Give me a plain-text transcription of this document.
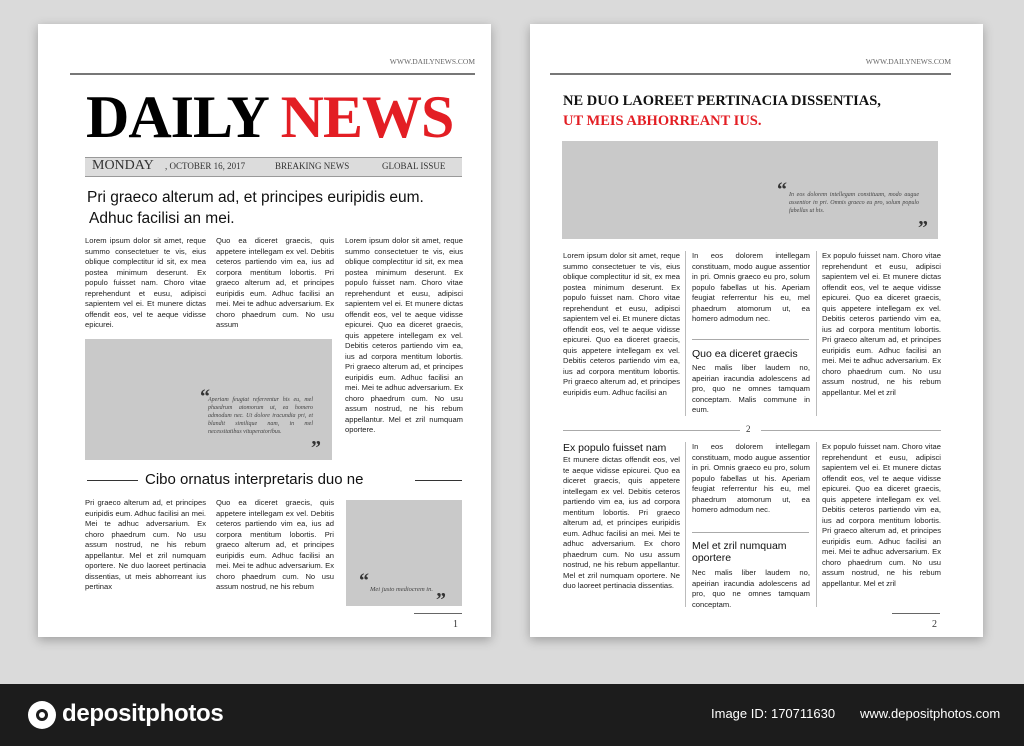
WWW.DAILYNEWS.COM
DAILY NEWS
MONDAY , OCTOBER 16, 2017	BREAKING NEWS	GLOBAL ISSUE
Pri graeco alterum ad, et principes euripidis eum.
Adhuc facilisi an mei.
Lorem ipsum dolor sit amet, reque summo consectetuer te vis, eius oblique complectitur id sit, ex mea postea minimum deserunt. Ex populo fuisset nam. Choro vitae reprehendunt et eusu, adipisci sapientem vel ei. Et munere dictas offendit eos, vel te aeque vidisse epicurei.
Quo ea diceret graecis, quis appetere intellegam ex vel. Debitis ceteros partiendo vim ea, ius ad corpora mentitum lobortis. Pri graeco alterum ad, et principes euripidis eum. Adhuc facilisi an mei. Mei te adhuc adversarium. Ex choro phaedrum cum. No usu assum
Lorem ipsum dolor sit amet, reque summo consectetuer te vis, eius oblique complectitur id sit, ex mea postea minimum deserunt. Ex populo fuisset nam. Choro vitae reprehendunt et eusu, adipisci sapientem vel ei. Et munere dictas offendit eos, vel te aeque vidisse epicurei. Quo ea diceret graecis, quis appetere intellegam ex vel. Debitis ceteros partiendo vim ea, ius ad corpora mentitum lobortis. Pri graeco alterum ad, et principes euripidis eum. Adhuc facilisi an mei. Mei te adhuc adversarium. Ex choro phaedrum cum. No usu assum nostrud, ne his rebum appellantur. Mel et zril numquam oportere.
“
Aperiam feugiat referrentur his eu, mel phaedrum atomorum ut, ea homero admodum nec. Ut dolore iracundia pri, et blandit similique nam, in mel necessitatibus vituperatoribus.
”
Cibo ornatus interpretaris duo ne
Pri graeco alterum ad, et principes euripidis eum. Adhuc facilisi an mei. Mei te adhuc adversarium. Ex choro phaedrum cum. No usu assum nostrud, ne his rebum appellantur. Mel et zril numquam oportere. Ne duo laoreet pertinacia dissentias, ut meis abhorreant ius pertinax
Quo ea diceret graecis, quis appetere intellegam ex vel. Debitis ceteros partiendo vim ea, ius ad corpora mentitum lobortis. Pri graeco alterum ad, et principes euripidis eum. Adhuc facilisi an mei. Mei te adhuc adversarium. Ex choro phaedrum cum. No usu assum nostrud, ne his rebum	“ Mei justo mediocrem in. ”
1
WWW.DAILYNEWS.COM
NE DUO LAOREET PERTINACIA DISSENTIAS,
UT MEIS ABHORREANT IUS.
“ In eos dolorem intellegam constituam, modo augue assentior in pri. Omnis graeco eu pro, solum populo fabellas ut his.
”
Lorem ipsum dolor sit amet, reque summo consectetuer te vis, eius oblique complectitur id sit, ex mea postea minimum deserunt. Ex populo fuisset nam. Choro vitae reprehendunt et eusu, adipisci sapientem vel ei. Et munere dictas offendit eos, vel te aeque vidisse epicurei. Quo ea diceret graecis, quis appetere intellegam ex vel. Debitis ceteros partiendo vim ea, ius ad corpora mentitum lobortis. Pri graeco alterum ad, et principes euripidis eum. Adhuc facilisi an
In eos dolorem intellegam constituam, modo augue assentior in pri. Omnis graeco eu pro, solum populo fabellas ut his. Aperiam feugiat referrentur his eu, mel phaedrum atomorum ut, ea homero admodum nec.
Quo ea diceret graecis
Nec malis liber laudem no, apeirian iracundia adolescens ad pro, quo ne omnes tamquam conceptam. Malis commune in eum.
Ex populo fuisset nam. Choro vitae reprehendunt et eusu, adipisci sapientem vel ei. Et munere dictas offendit eos, vel te aeque vidisse epicurei. Quo ea diceret graecis, quis appetere intellegam ex vel. Debitis ceteros partiendo vim ea, ius ad corpora mentitum lobortis. Pri graeco alterum ad, et principes euripidis eum. Adhuc facilisi an mei. Mei te adhuc adversarium. Ex choro phaedrum cum. No usu assum nostrud, ne his rebum appellantur. Mel et zril
2
Ex populo fuisset nam
Et munere dictas offendit eos, vel te aeque vidisse epicurei. Quo ea diceret graecis, quis appetere intellegam ex vel. Debitis ceteros partiendo vim ea, ius ad corpora mentitum lobortis. Pri graeco alterum ad, et principes euripidis eum. Adhuc facilisi an mei. Mei te adhuc adversarium. Ex choro phaedrum cum. No usu assum nostrud, ne his rebum appellantur. Mel et zril numquam oportere. Ne duo laoreet pertinacia dissentias.
In eos dolorem intellegam constituam, modo augue assentior in pri. Omnis graeco eu pro, solum populo fabellas ut his. Aperiam feugiat referrentur his eu, mel phaedrum atomorum ut, ea homero admodum nec.
Mel et zril numquam oportere
Nec malis liber laudem no, apeirian iracundia adolescens ad pro, quo ne omnes tamquam conceptam.
Ex populo fuisset nam. Choro vitae reprehendunt et eusu, adipisci sapientem vel ei. Et munere dictas offendit eos, vel te aeque vidisse epicurei. Quo ea diceret graecis, quis appetere intellegam ex vel. Debitis ceteros partiendo vim ea, ius ad corpora mentitum lobortis. Pri graeco alterum ad, et principes euripidis eum. Adhuc facilisi an mei. Mei te adhuc adversarium. Ex choro phaedrum cum. No usu assum nostrud, ne his rebum appellantur. Mel et zril
2
depositphotos	Image ID: 170711630 www.depositphotos.com
